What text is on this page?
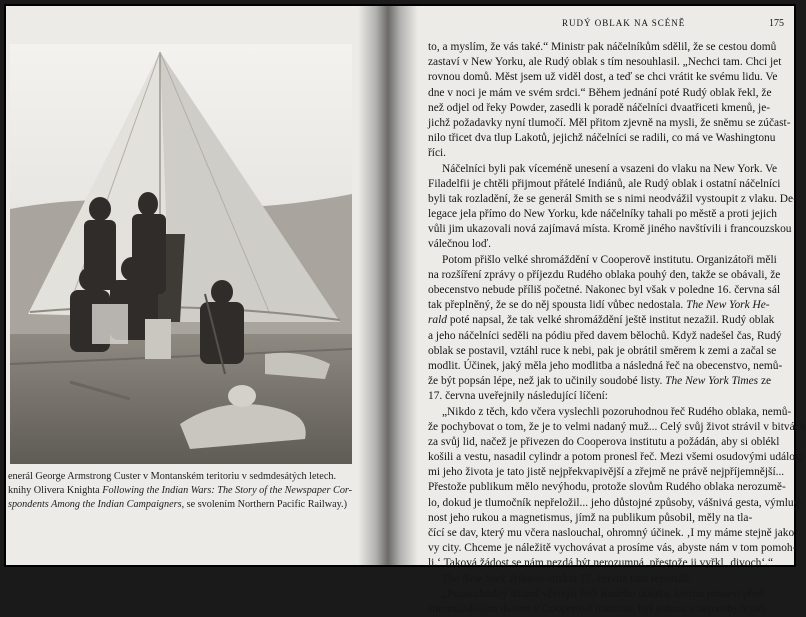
enerál George Armstrong Custer v Montanském teritoriu v sedmdesátých letech.

knihy Olivera Knighta Following the Indian Wars: The Story of the Newspaper Cor-

spondents Among the Indian Campaigners, se svolením Northern Pacific Railway.)

RUDÝ OBLAK NA SCÉNĚ	175
to, a myslím, že vás také.“ Ministr pak náčelníkům sdělil, že se cestou domů
zastaví v New Yorku, ale Rudý oblak s tím nesouhlasil. „Nechci tam. Chci jet
rovnou domů. Měst jsem už viděl dost, a teď se chci vrátit ke svému lidu. Ve
dne v noci je mám ve svém srdci.“ Během jednání poté Rudý oblak řekl, že
než odjel od řeky Powder, zasedli k poradě náčelníci dvaatřiceti kmenů, je-
jichž požadavky nyní tlumočí. Měl přitom zjevně na mysli, že sněmu se zúčast-
nilo třicet dva tlup Lakotů, jejichž náčelníci se radili, co má ve Washingtonu
říci.
Náčelníci byli pak víceméně unesení a vsazeni do vlaku na New York. Ve
Filadelfii je chtěli přijmout přátelé Indiánů, ale Rudý oblak i ostatní náčelníci
byli tak rozladění, že se generál Smith se s nimi neodvážil vystoupit z vlaku. De-
legace jela přímo do New Yorku, kde náčelníky tahali po městě a proti jejich
vůli jim ukazovali nová zajímavá místa. Kromě jiného navštívili i francouzskou
válečnou loď.
Potom přišlo velké shromáždění v Cooperově institutu. Organizátoři měli
na rozšíření zprávy o příjezdu Rudého oblaka pouhý den, takže se obávali, že
obecenstvo nebude příliš početné. Nakonec byl však v poledne 16. června sál
tak přeplněný, že se do něj spousta lidí vůbec nedostala. The New York He-
rald poté napsal, že tak velké shromáždění ještě institut nezažil. Rudý oblak
a jeho náčelníci seděli na pódiu před davem bělochů. Když nadešel čas, Rudý
oblak se postavil, vztáhl ruce k nebi, pak je obrátil směrem k zemi a začal se
modlit. Účinek, jaký měla jeho modlitba a následná řeč na obecenstvo, nemů-
že být popsán lépe, než jak to učinily soudobé listy. The New York Times ze
17. června uveřejnily následující líčení:
„Nikdo z těch, kdo včera vyslechli pozoruhodnou řeč Rudého oblaka, nemů-
že pochybovat o tom, že je to velmi nadaný muž... Celý svůj život strávil v bitvách
za svůj lid, načež je přivezen do Cooperova institutu a požádán, aby si oblékl
košili a vestu, nasadil cylindr a potom pronesl řeč. Mezi všemi osudovými událost-
mi jeho života je tato jistě nejpřekvapivější a zřejmě ne právě nejpříjemnější...
Přestože publikum mělo nevýhodu, protože slovům Rudého oblaka nerozumě-
lo, dokud je tlumočník nepřeložil... jeho důstojné způsoby, vášnivá gesta, výmluv-
nost jeho rukou a magnetismus, jímž na publikum působil, měly na tla-
čící se dav, který mu včera naslouchal, ohromný účinek. ‚I my máme stejně jako
vy city. Chceme je náležitě vychovávat a prosíme vás, abyste nám v tom pomoh-
li.‘ Taková žádost se nám nezdá být nerozumná, přestože ji vyřkl ‚divoch‘.“
The New York Tribune otiskla 17. června tuto reportáž:
„Pozoruhodný triumf včerejší řeči Rudého oblaka, kterou pronesl před
shromážděným davem v Cooperově institutu, byl jednou z nejneobyčejněj-
